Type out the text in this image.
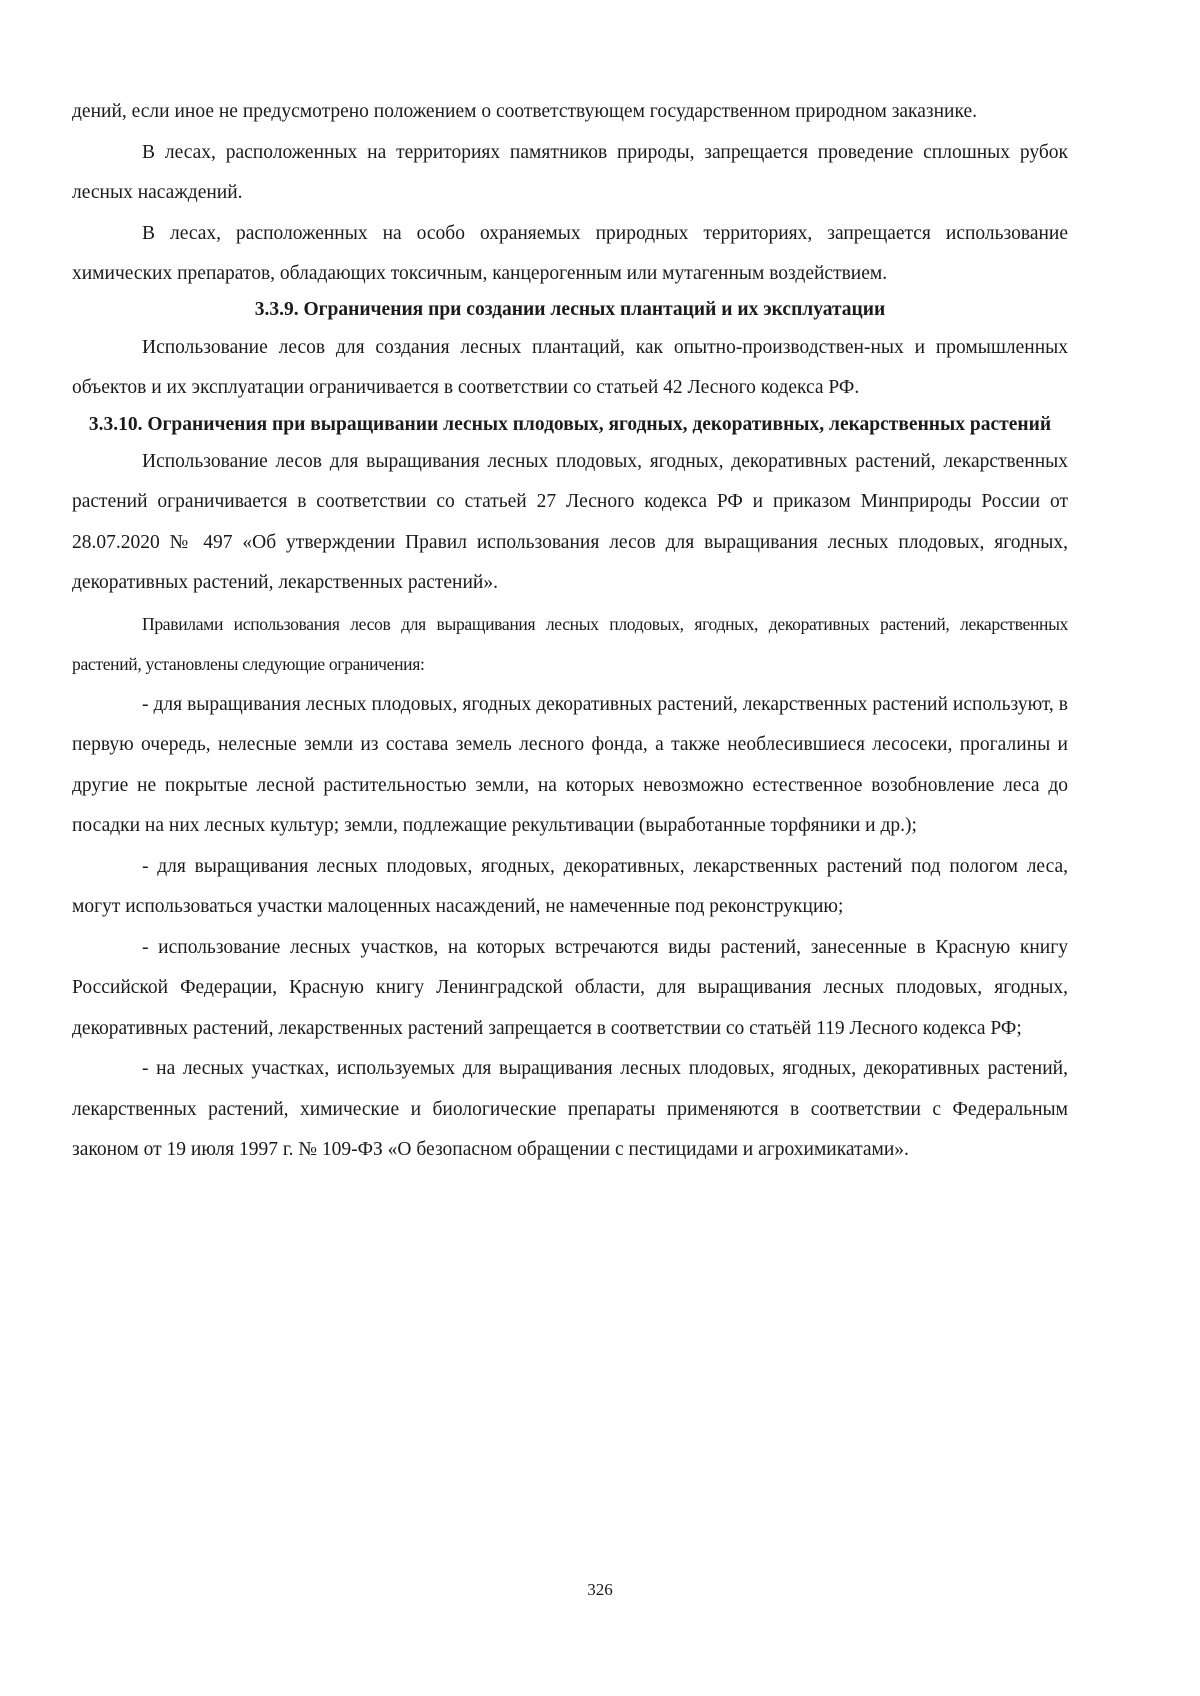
дений, если иное не предусмотрено положением о соответствующем государственном природном заказнике.

В лесах, расположенных на территориях памятников природы, запрещается проведение сплошных рубок лесных насаждений.

В лесах, расположенных на особо охраняемых природных территориях, запрещается использование химических препаратов, обладающих токсичным, канцерогенным или мутагенным воздействием.

3.3.9. Ограничения при создании лесных плантаций и их эксплуатации

Использование лесов для создания лесных плантаций, как опытно-производствен-ных и промышленных объектов и их эксплуатации ограничивается в соответствии со статьей 42 Лесного кодекса РФ.

3.3.10. Ограничения при выращивании лесных плодовых, ягодных, декоративных, лекарственных растений

Использование лесов для выращивания лесных плодовых, ягодных, декоративных растений, лекарственных растений ограничивается в соответствии со статьей 27 Лесного кодекса РФ и приказом Минприроды России от 28.07.2020 № 497 «Об утверждении Правил использования лесов для выращивания лесных плодовых, ягодных, декоративных растений, лекарственных растений».

Правилами использования лесов для выращивания лесных плодовых, ягодных, декоративных растений, лекарственных растений, установлены следующие ограничения:

- для выращивания лесных плодовых, ягодных декоративных растений, лекарственных растений используют, в первую очередь, нелесные земли из состава земель лесного фонда, а также необлесившиеся лесосеки, прогалины и другие не покрытые лесной растительностью земли, на которых невозможно естественное возобновление леса до посадки на них лесных культур; земли, подлежащие рекультивации (выработанные торфяники и др.);

- для выращивания лесных плодовых, ягодных, декоративных, лекарственных растений под пологом леса, могут использоваться участки малоценных насаждений, не намеченные под реконструкцию;

- использование лесных участков, на которых встречаются виды растений, занесенные в Красную книгу Российской Федерации, Красную книгу Ленинградской области, для выращивания лесных плодовых, ягодных, декоративных растений, лекарственных растений запрещается в соответствии со статьёй 119 Лесного кодекса РФ;

- на лесных участках, используемых для выращивания лесных плодовых, ягодных, декоративных растений, лекарственных растений, химические и биологические препараты применяются в соответствии с Федеральным законом от 19 июля 1997 г. № 109-ФЗ «О безопасном обращении с пестицидами и агрохимикатами».

326
